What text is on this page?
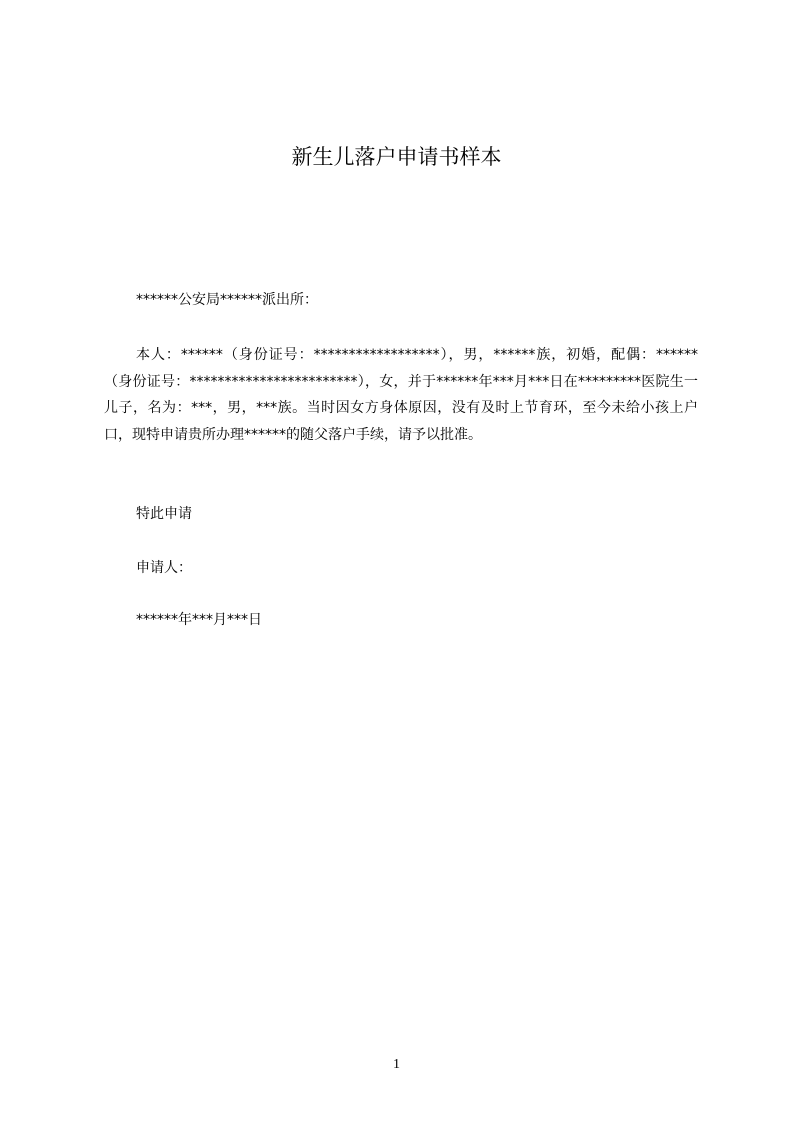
新生儿落户申请书样本
******公安局******派出所：

本人：******（身份证号：******************），男，******族，初婚，配偶：******（身份证号：************************），女，并于******年***月***日在*********医院生一儿子，名为：***，男，***族。当时因女方身体原因，没有及时上节育环，至今未给小孩上户口，现特申请贵所办理******的随父落户手续，请予以批准。

特此申请
申请人：
******年***月***日
1
